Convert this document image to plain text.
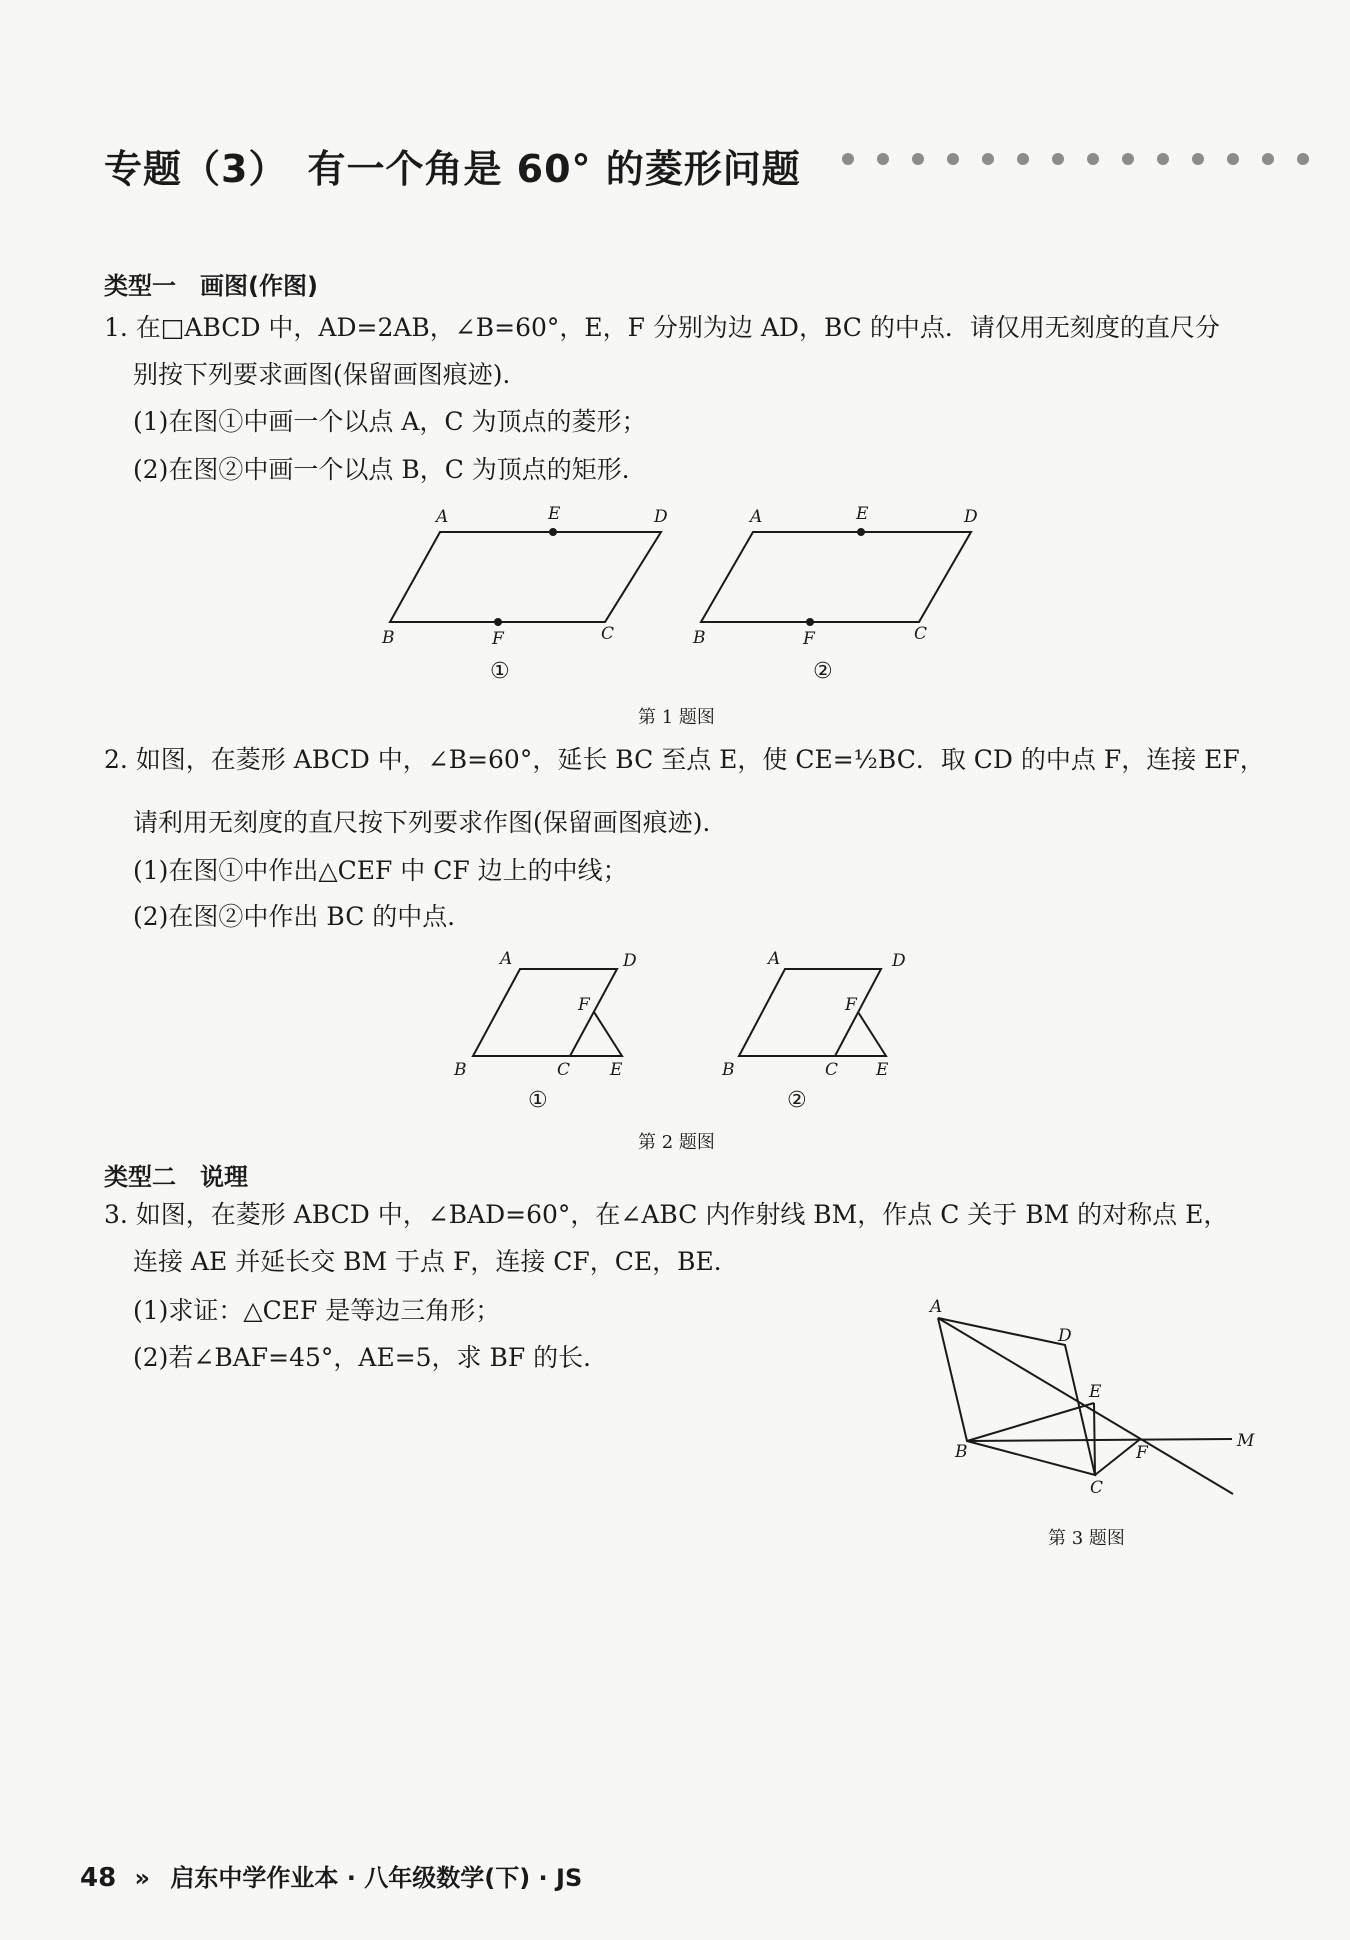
专题（3）　有一个角是 60° 的菱形问题
类型一　画图(作图)
1. 在□ABCD 中，AD=2AB，∠B=60°，E，F 分别为边 AD，BC 的中点．请仅用无刻度的直尺分
别按下列要求画图(保留画图痕迹)．
(1)在图①中画一个以点 A，C 为顶点的菱形；
(2)在图②中画一个以点 B，C 为顶点的矩形．
A	E	D
B	F	C
①
A	E	D
B	F	C
②
第 1 题图
2. 如图，在菱形 ABCD 中，∠B=60°，延长 BC 至点 E，使 CE=½BC．取 CD 的中点 F，连接 EF，
请利用无刻度的直尺按下列要求作图(保留画图痕迹)．
(1)在图①中作出△CEF 中 CF 边上的中线；
(2)在图②中作出 BC 的中点．
A	D
F
B	C E
①
A	D
F
B	C E
②
第 2 题图
类型二　说理
3. 如图，在菱形 ABCD 中，∠BAD=60°，在∠ABC 内作射线 BM，作点 C 关于 BM 的对称点 E，
连接 AE 并延长交 BM 于点 F，连接 CF，CE，BE．
(1)求证：△CEF 是等边三角形；
(2)若∠BAF=45°，AE=5，求 BF 的长．
A
D
E
M
B	F
C
第 3 题图
48 » 启东中学作业本 · 八年级数学(下) · JS
